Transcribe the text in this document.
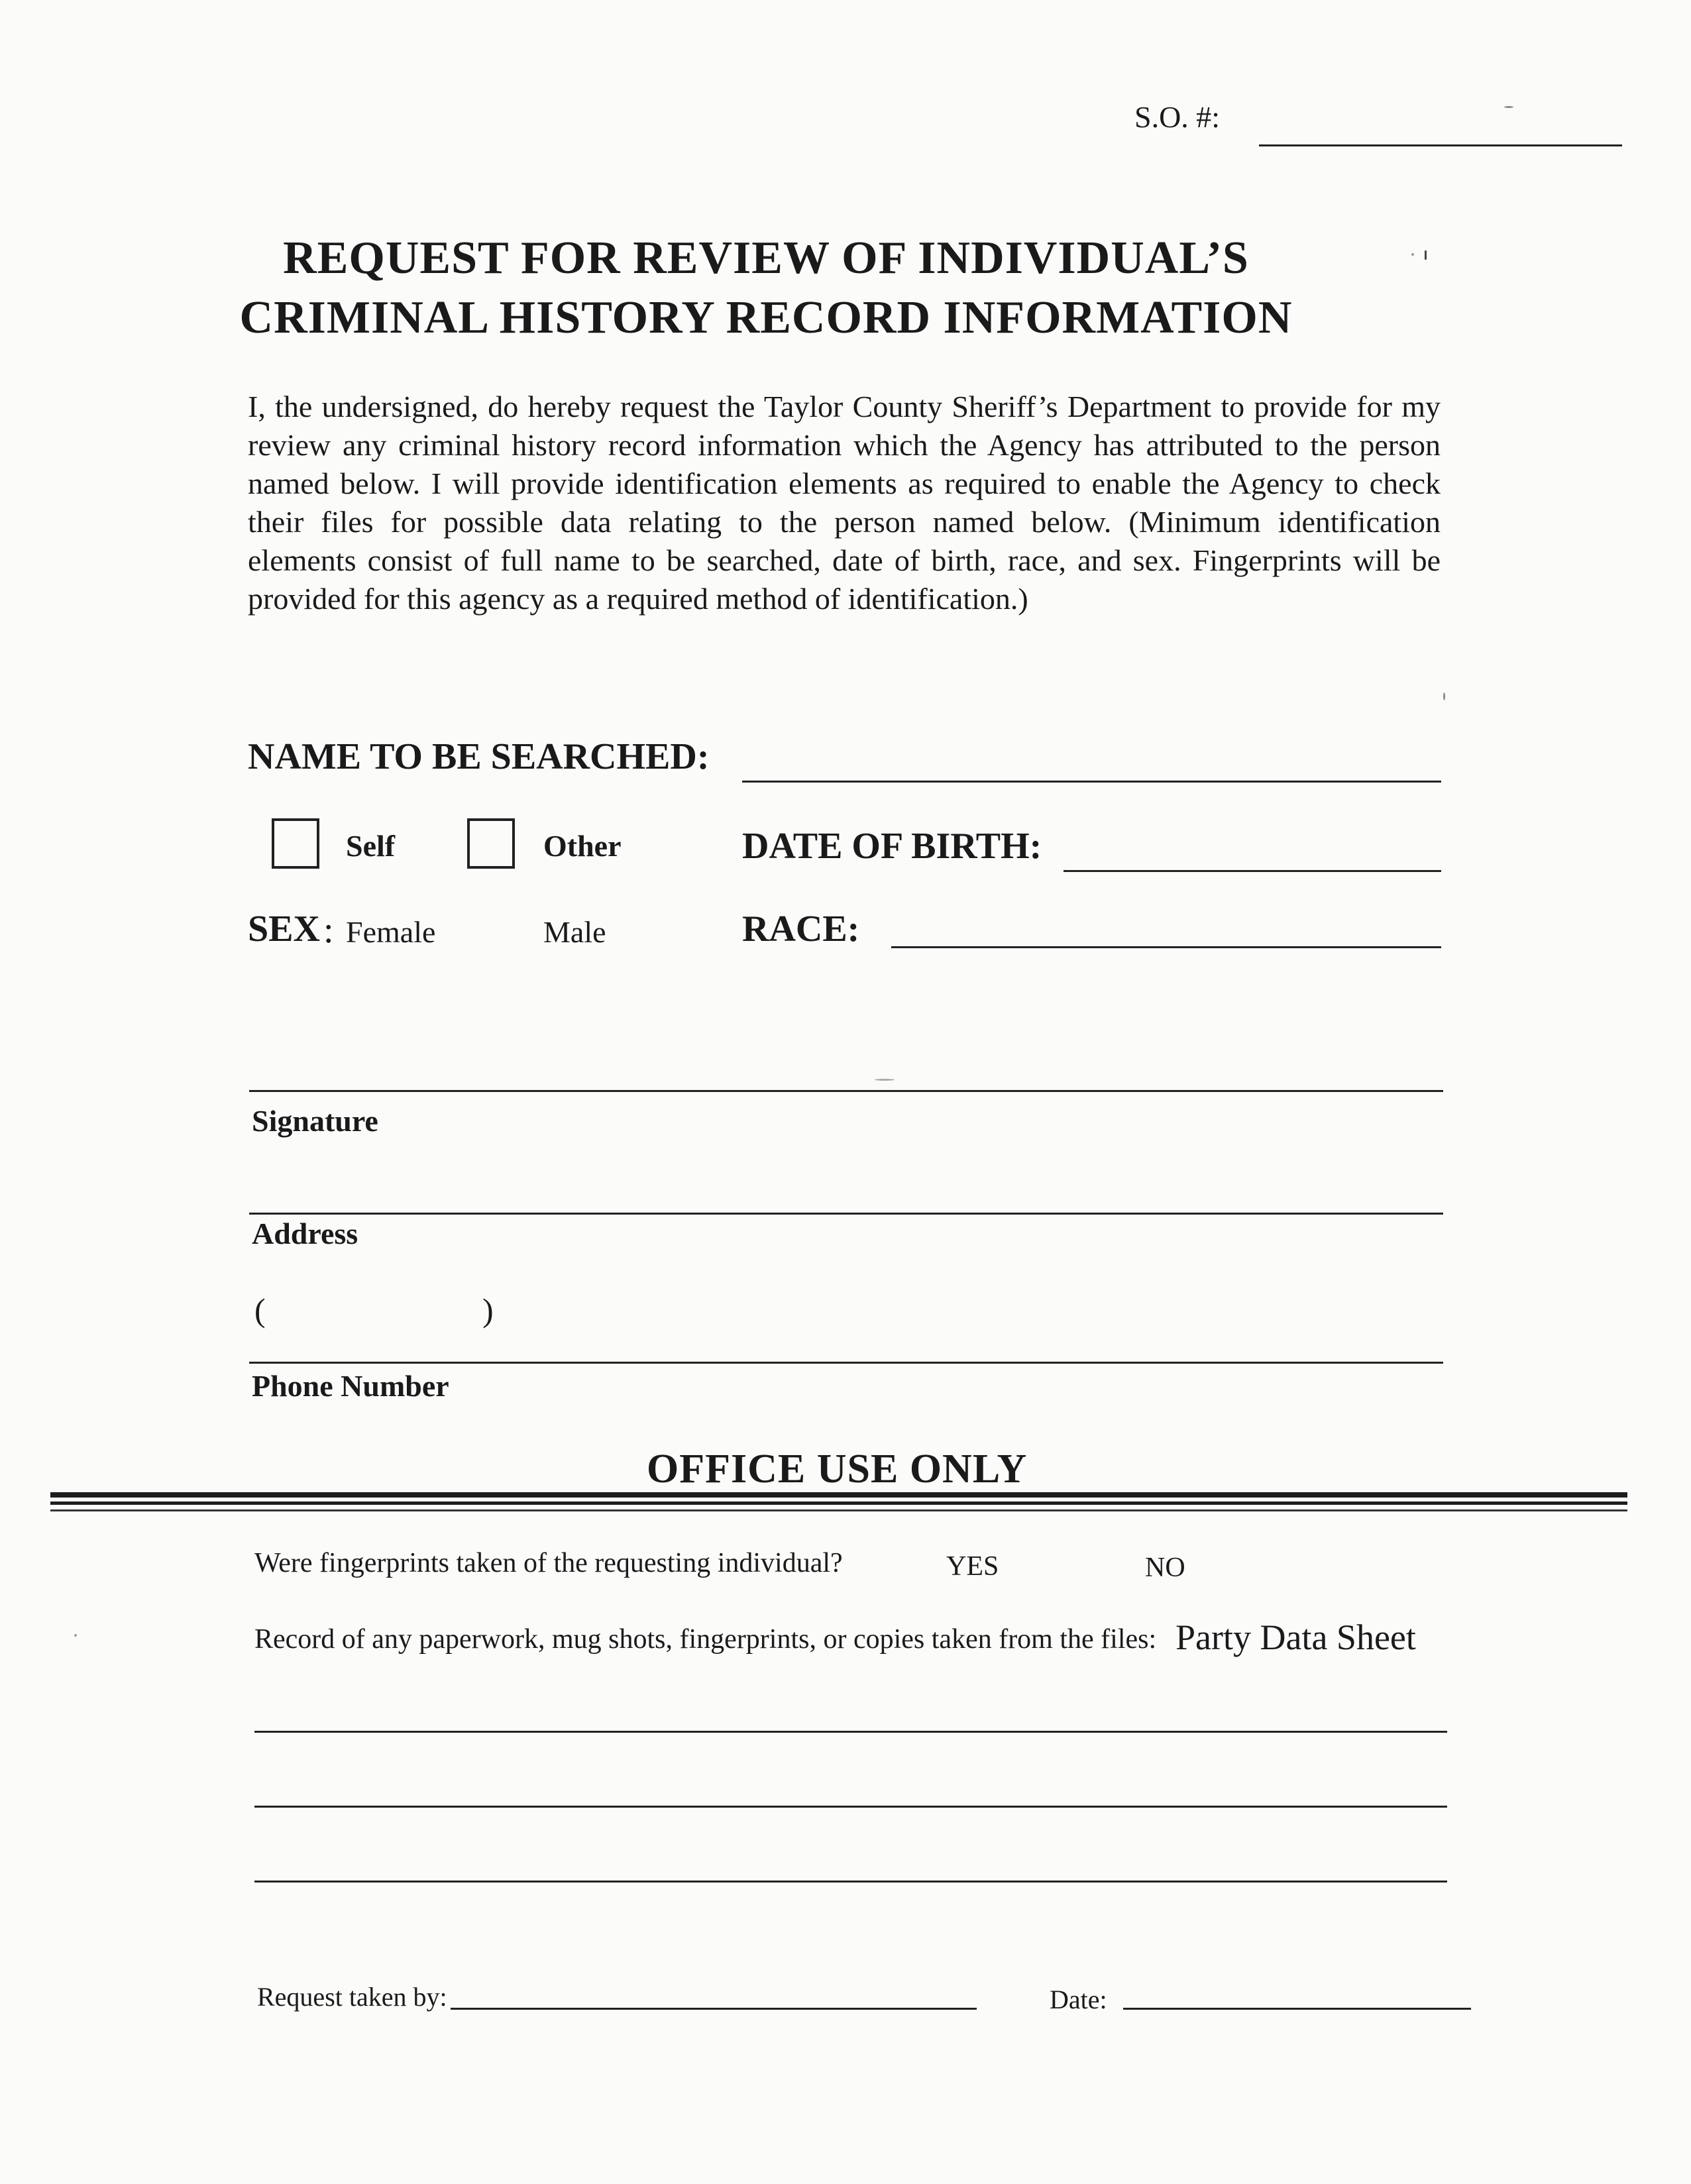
S.O. #:
REQUEST FOR REVIEW OF INDIVIDUAL’S
CRIMINAL HISTORY RECORD INFORMATION
I, the undersigned, do hereby request the Taylor County Sheriff’s Department to provide for my review any criminal history record information which the Agency has attributed to the person named below. I will provide identification elements as required to enable the Agency to check their files for possible data relating to the person named below. (Minimum identification elements consist of full name to be searched, date of birth, race, and sex. Fingerprints will be provided for this agency as a required method of identification.)
NAME TO BE SEARCHED:
Self	Other	DATE OF BIRTH:
SEX : Female	Male	RACE:
Signature
Address
(	)
Phone Number
OFFICE USE ONLY
Were fingerprints taken of the requesting individual?	YES	NO
Record of any paperwork, mug shots, fingerprints, or copies taken from the files: Party Data Sheet
Request taken by:	Date:
